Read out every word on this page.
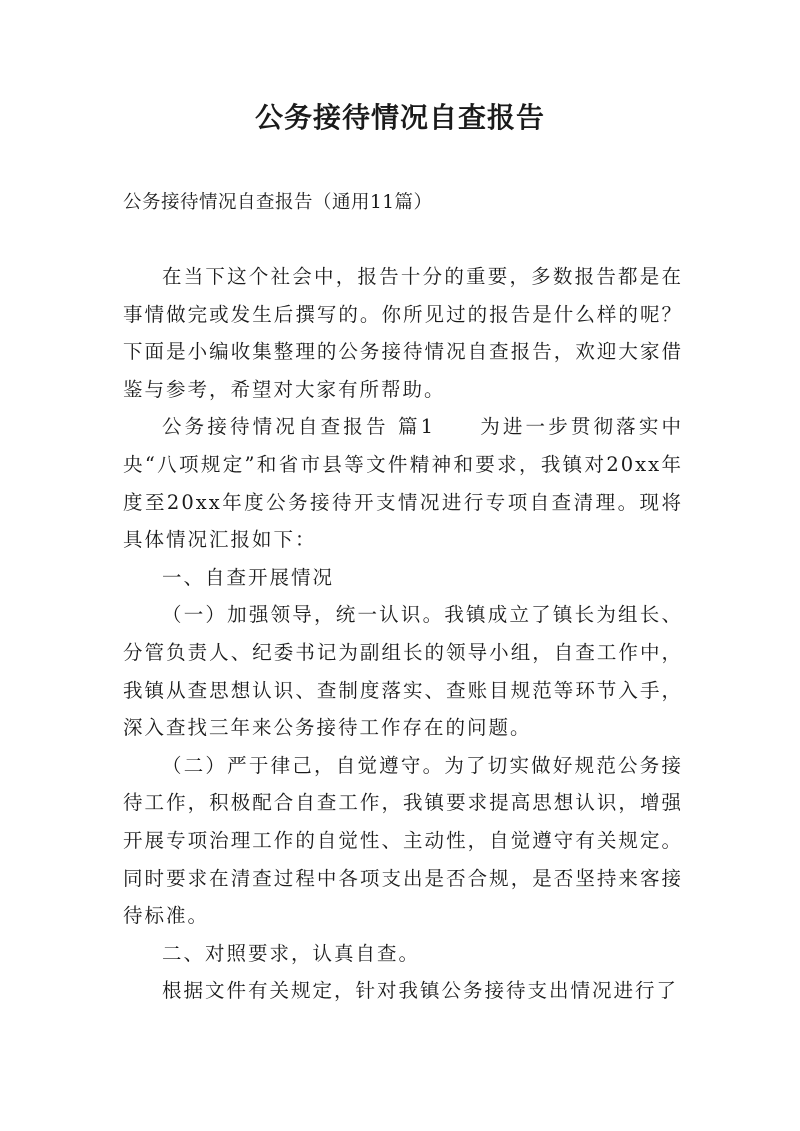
公务接待情况自查报告

公务接待情况自查报告（通用11篇）

在当下这个社会中，报告十分的重要，多数报告都是在事情做完或发生后撰写的。你所见过的报告是什么样的呢？下面是小编收集整理的公务接待情况自查报告，欢迎大家借鉴与参考，希望对大家有所帮助。

公务接待情况自查报告 篇1 为进一步贯彻落实中央“八项规定”和省市县等文件精神和要求，我镇对20xx年度至20xx年度公务接待开支情况进行专项自查清理。现将具体情况汇报如下：

一、自查开展情况

（一）加强领导，统一认识。我镇成立了镇长为组长、分管负责人、纪委书记为副组长的领导小组，自查工作中，我镇从查思想认识、查制度落实、查账目规范等环节入手，深入查找三年来公务接待工作存在的问题。

（二）严于律己，自觉遵守。为了切实做好规范公务接待工作，积极配合自查工作，我镇要求提高思想认识，增强开展专项治理工作的自觉性、主动性，自觉遵守有关规定。同时要求在清查过程中各项支出是否合规，是否坚持来客接待标准。

二、对照要求，认真自查。

根据文件有关规定，针对我镇公务接待支出情况进行了
